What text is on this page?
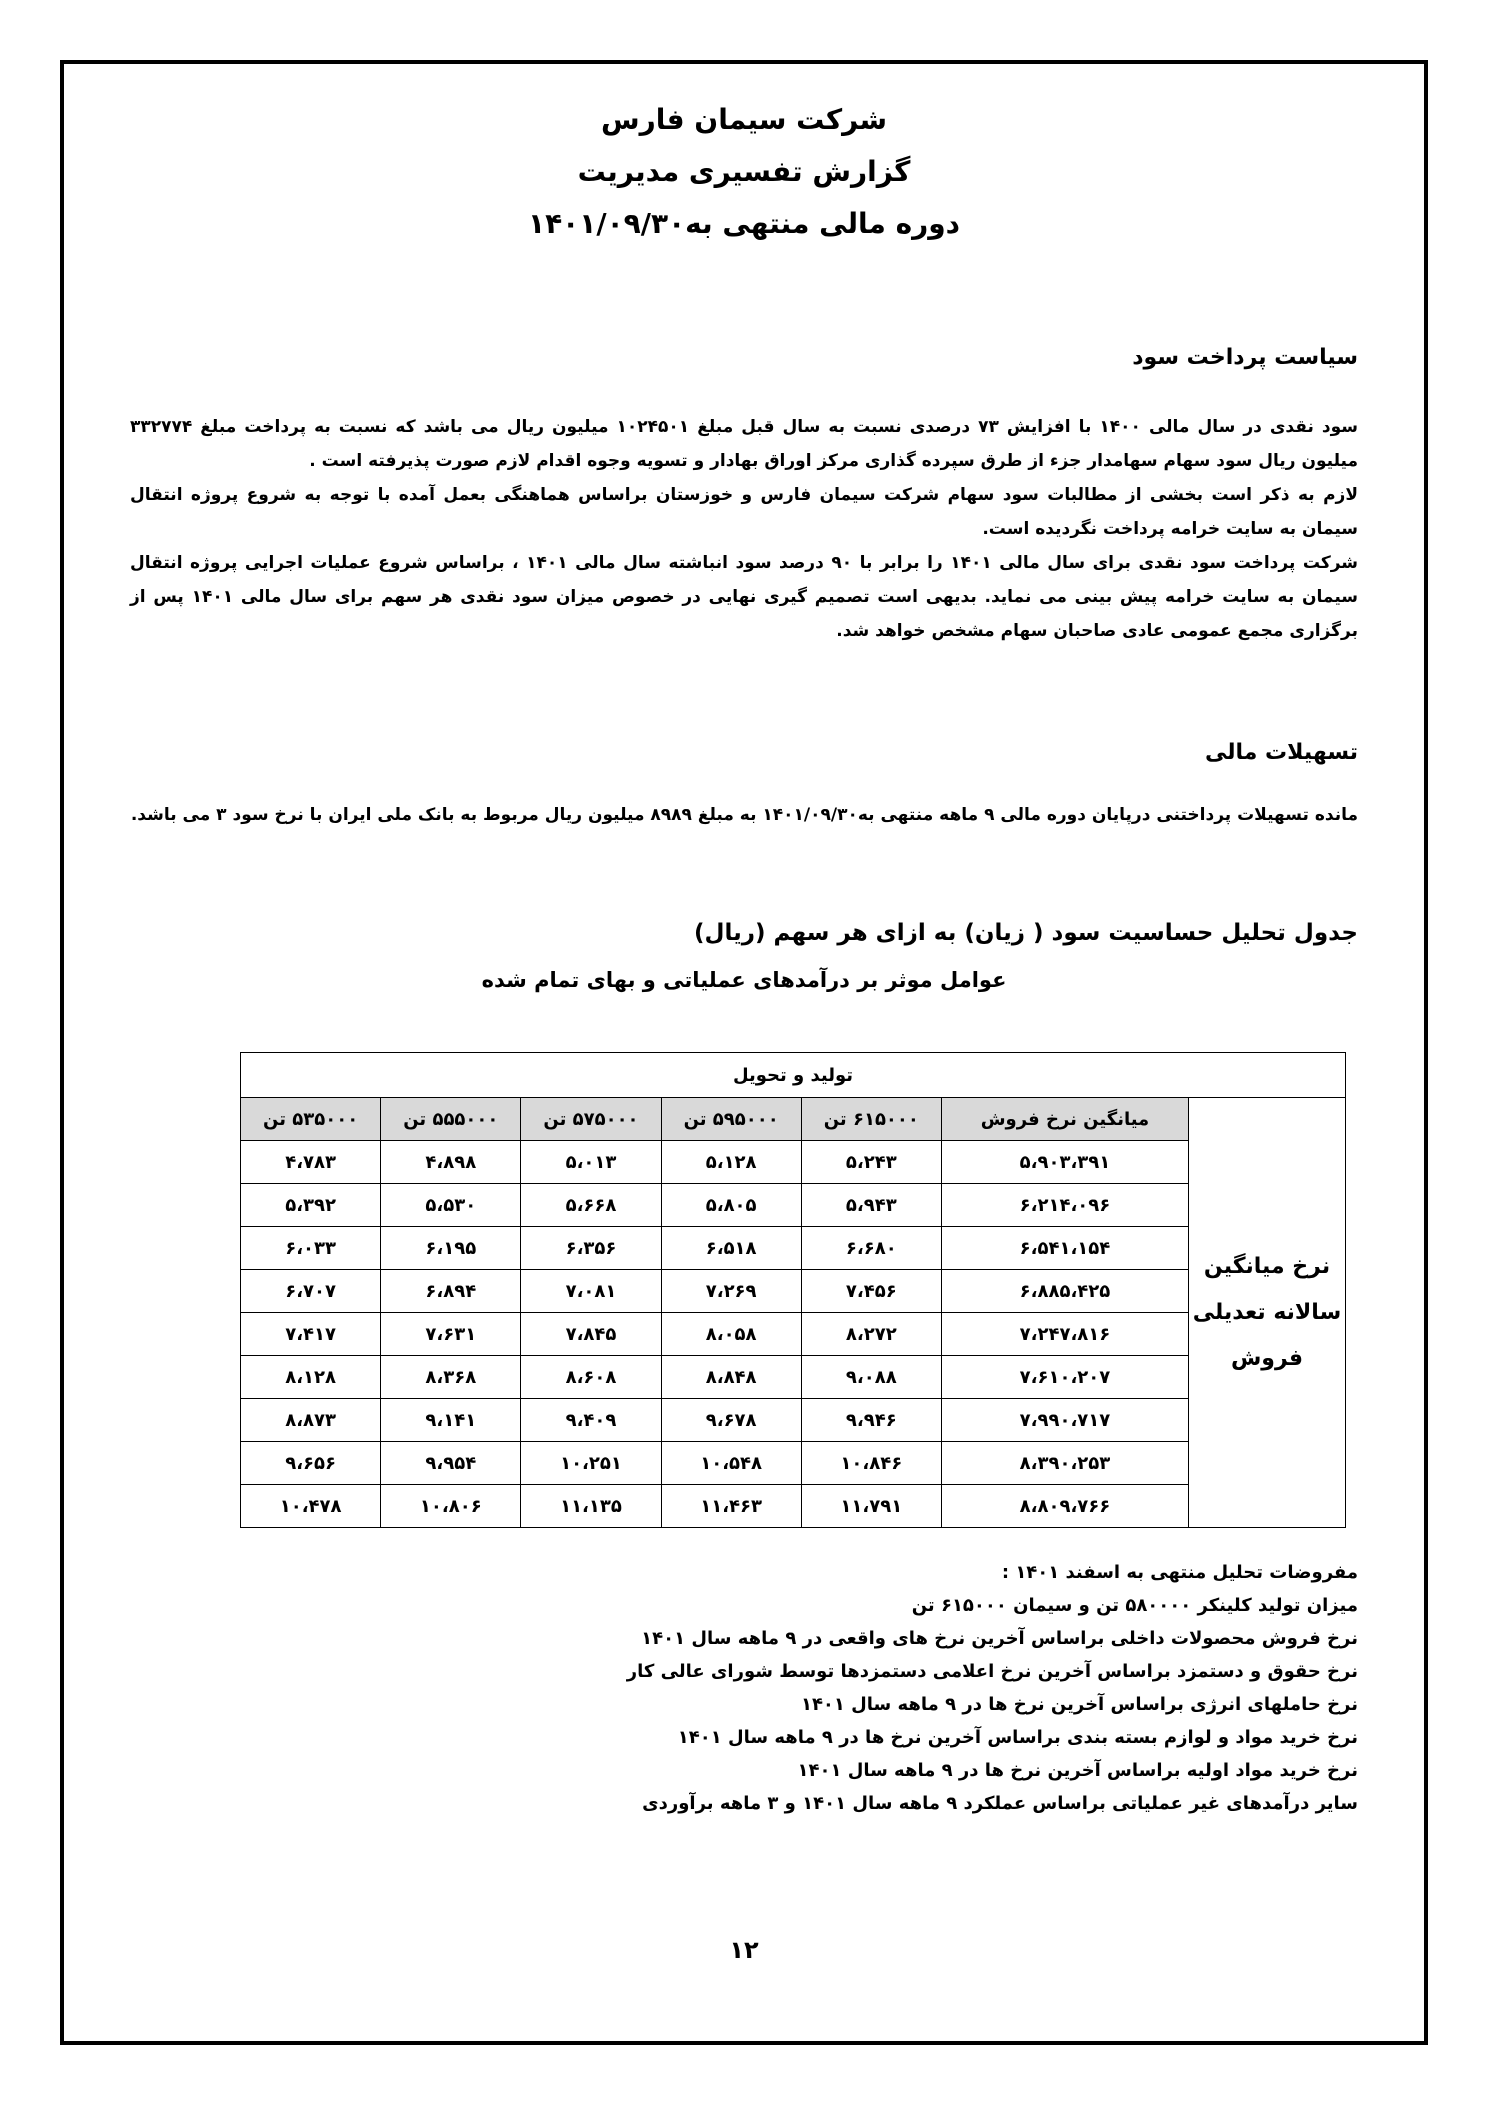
شرکت سیمان فارس
گزارش تفسیری مدیریت
دوره مالی منتهی به۱۴۰۱/۰۹/۳۰
سیاست پرداخت سود

سود نقدی در سال مالی ۱۴۰۰ با افزایش ۷۳ درصدی نسبت به سال قبل مبلغ ۱۰۲۴۵۰۱ میلیون ریال می باشد که نسبت به پرداخت مبلغ ۳۳۲۷۷۴ میلیون ریال سود سهام سهامدار جزء از طرق سپرده گذاری مرکز اوراق بهادار و تسویه وجوه اقدام لازم صورت پذیرفته است .

لازم به ذکر است بخشی از مطالبات سود سهام شرکت سیمان فارس و خوزستان براساس هماهنگی بعمل آمده با توجه به شروع پروژه انتقال سیمان به سایت خرامه پرداخت نگردیده است.

شرکت پرداخت سود نقدی برای سال مالی ۱۴۰۱ را برابر با ۹۰ درصد سود انباشته سال مالی ۱۴۰۱ ، براساس شروع عملیات اجرایی پروژه انتقال سیمان به سایت خرامه پیش بینی می نماید. بدیهی است تصمیم گیری نهایی در خصوص میزان سود نقدی هر سهم برای سال مالی ۱۴۰۱ پس از برگزاری مجمع عمومی عادی صاحبان سهام مشخص خواهد شد.

تسهیلات مالی

مانده تسهیلات پرداختنی درپایان دوره مالی ۹ ماهه منتهی به۱۴۰۱/۰۹/۳۰ به مبلغ ۸۹۸۹ میلیون ریال مربوط به بانک ملی ایران با نرخ سود ۳ می باشد.

جدول تحلیل حساسیت سود ( زیان) به ازای هر سهم (ریال)
عوامل موثر بر درآمدهای عملیاتی و بهای تمام شده
تولید و تحویل						
نرخ میانگین سالانه تعدیلی فروش	میانگین نرخ فروش	۶۱۵۰۰۰ تن	۵۹۵۰۰۰ تن	۵۷۵۰۰۰ تن	۵۵۵۰۰۰ تن	۵۳۵۰۰۰ تن
	۵،۹۰۳،۳۹۱	۵،۲۴۳	۵،۱۲۸	۵،۰۱۳	۴،۸۹۸	۴،۷۸۳
	۶،۲۱۴،۰۹۶	۵،۹۴۳	۵،۸۰۵	۵،۶۶۸	۵،۵۳۰	۵،۳۹۲
	۶،۵۴۱،۱۵۴	۶،۶۸۰	۶،۵۱۸	۶،۳۵۶	۶،۱۹۵	۶،۰۳۳
	۶،۸۸۵،۴۲۵	۷،۴۵۶	۷،۲۶۹	۷،۰۸۱	۶،۸۹۴	۶،۷۰۷
	۷،۲۴۷،۸۱۶	۸،۲۷۲	۸،۰۵۸	۷،۸۴۵	۷،۶۳۱	۷،۴۱۷
	۷،۶۱۰،۲۰۷	۹،۰۸۸	۸،۸۴۸	۸،۶۰۸	۸،۳۶۸	۸،۱۲۸
	۷،۹۹۰،۷۱۷	۹،۹۴۶	۹،۶۷۸	۹،۴۰۹	۹،۱۴۱	۸،۸۷۳
	۸،۳۹۰،۲۵۳	۱۰،۸۴۶	۱۰،۵۴۸	۱۰،۲۵۱	۹،۹۵۴	۹،۶۵۶
	۸،۸۰۹،۷۶۶	۱۱،۷۹۱	۱۱،۴۶۳	۱۱،۱۳۵	۱۰،۸۰۶	۱۰،۴۷۸
مفروضات تحلیل منتهی به اسفند ۱۴۰۱ :
میزان تولید کلینکر ۵۸۰۰۰۰ تن و سیمان ۶۱۵۰۰۰ تن
نرخ فروش محصولات داخلی براساس آخرین نرخ های واقعی در ۹ ماهه سال ۱۴۰۱
نرخ حقوق و دستمزد براساس آخرین نرخ اعلامی دستمزدها توسط شورای عالی کار
نرخ حاملهای انرژی براساس آخرین نرخ ها در ۹ ماهه سال ۱۴۰۱
نرخ خرید مواد و لوازم بسته بندی براساس آخرین نرخ ها در ۹ ماهه سال ۱۴۰۱
نرخ خرید مواد اولیه براساس آخرین نرخ ها در ۹ ماهه سال ۱۴۰۱
سایر درآمدهای غیر عملیاتی براساس عملکرد ۹ ماهه سال ۱۴۰۱ و ۳ ماهه برآوردی
۱۲
